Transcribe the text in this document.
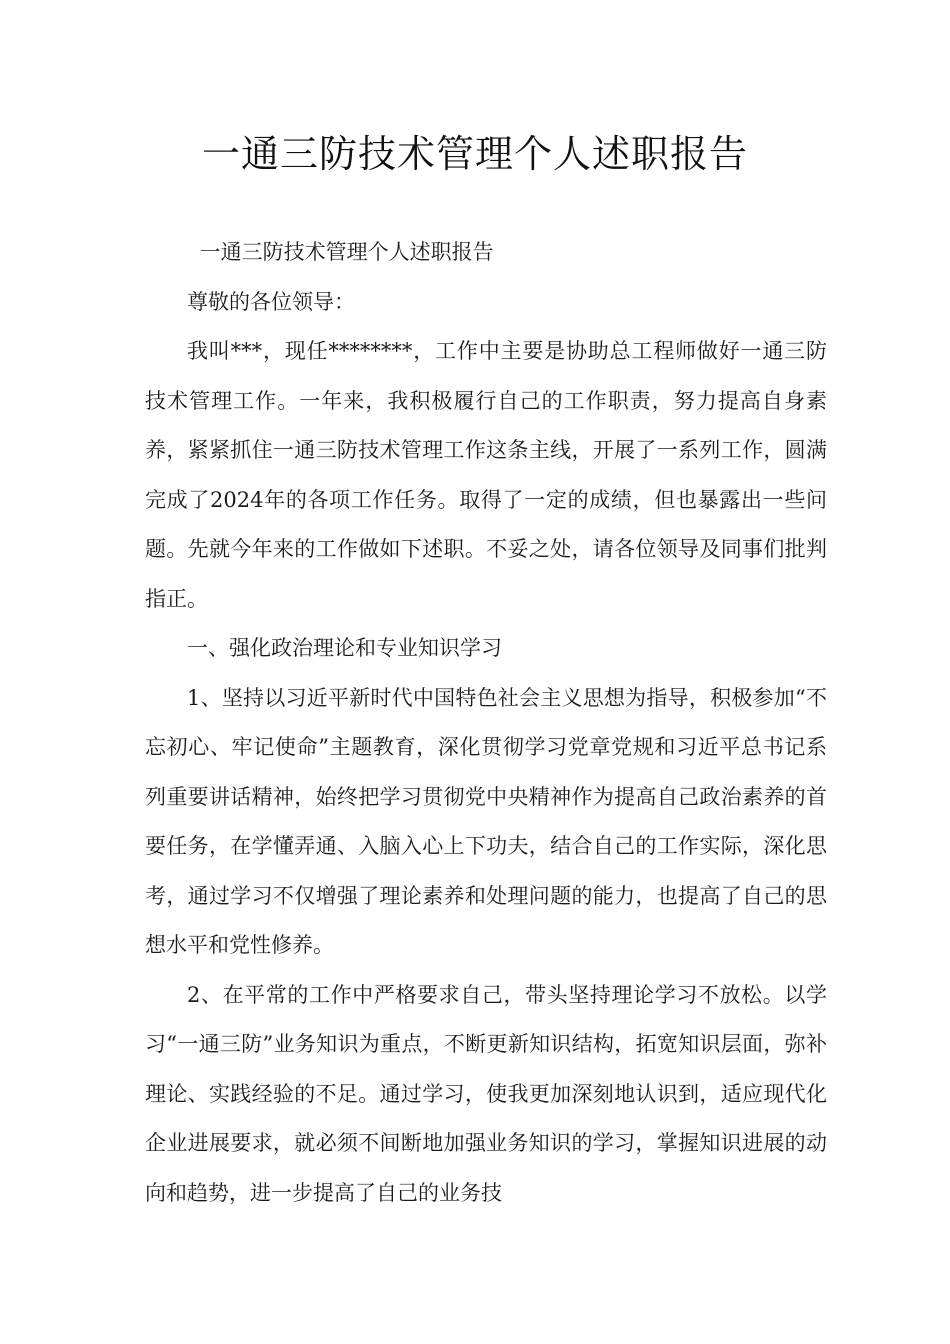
一通三防技术管理个人述职报告

一通三防技术管理个人述职报告

尊敬的各位领导：

我叫***，现任********，工作中主要是协助总工程师做好一通三防技术管理工作。一年来，我积极履行自己的工作职责，努力提高自身素养，紧紧抓住一通三防技术管理工作这条主线，开展了一系列工作，圆满完成了2024年的各项工作任务。取得了一定的成绩，但也暴露出一些问题。先就今年来的工作做如下述职。不妥之处，请各位领导及同事们批判指正。

一、强化政治理论和专业知识学习

1、坚持以习近平新时代中国特色社会主义思想为指导，积极参加“不忘初心、牢记使命”主题教育，深化贯彻学习党章党规和习近平总书记系列重要讲话精神，始终把学习贯彻党中央精神作为提高自己政治素养的首要任务，在学懂弄通、入脑入心上下功夫，结合自己的工作实际，深化思考，通过学习不仅增强了理论素养和处理问题的能力，也提高了自己的思想水平和党性修养。

2、在平常的工作中严格要求自己，带头坚持理论学习不放松。以学习“一通三防”业务知识为重点，不断更新知识结构，拓宽知识层面，弥补理论、实践经验的不足。通过学习，使我更加深刻地认识到，适应现代化企业进展要求，就必须不间断地加强业务知识的学习，掌握知识进展的动向和趋势，进一步提高了自己的业务技
